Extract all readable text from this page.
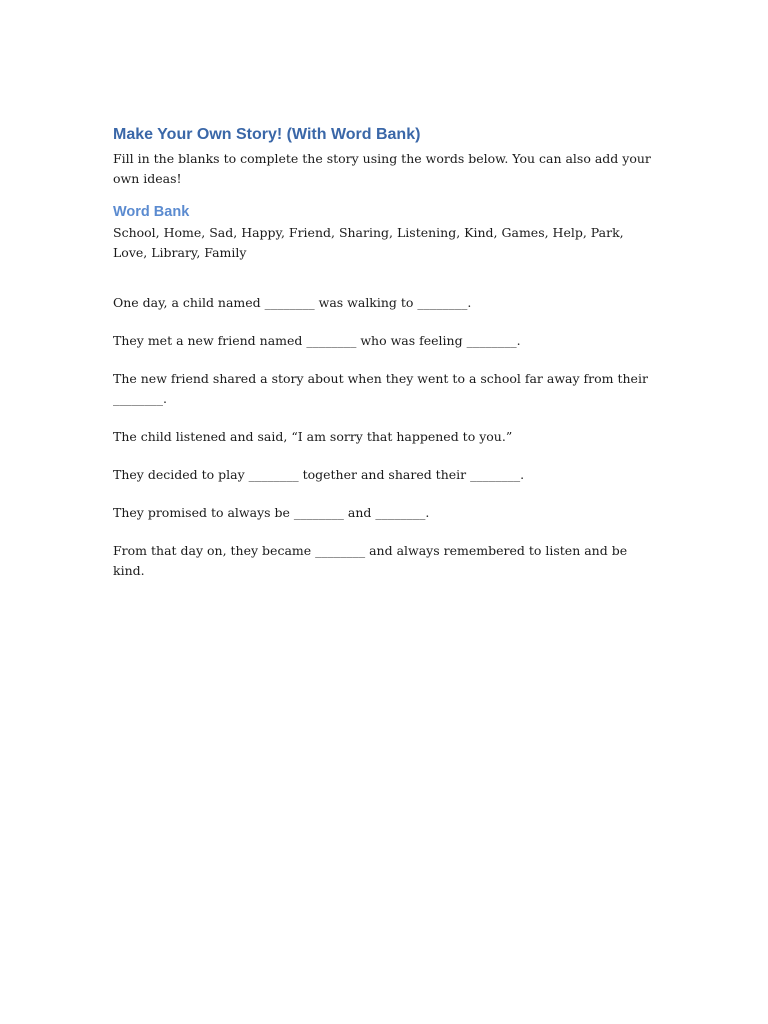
Make Your Own Story! (With Word Bank)

Fill in the blanks to complete the story using the words below. You can also add your own ideas!

Word Bank

School, Home, Sad, Happy, Friend, Sharing, Listening, Kind, Games, Help, Park, Love, Library, Family

One day, a child named ________ was walking to ________.

They met a new friend named ________ who was feeling ________.

The new friend shared a story about when they went to a school far away from their ________.

The child listened and said, “I am sorry that happened to you.”

They decided to play ________ together and shared their ________.

They promised to always be ________ and ________.

From that day on, they became ________ and always remembered to listen and be kind.
